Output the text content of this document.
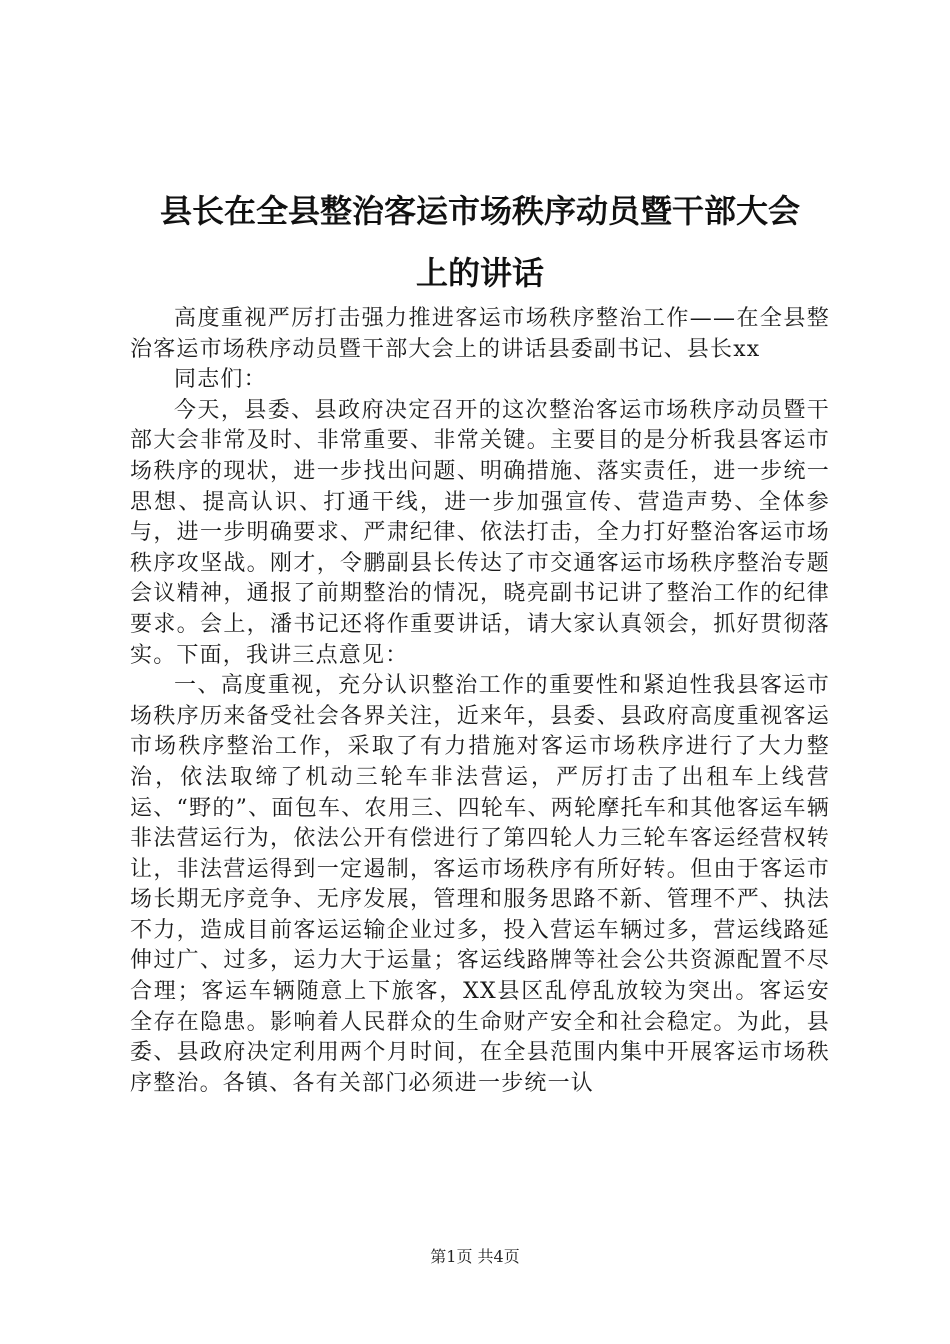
县长在全县整治客运市场秩序动员暨干部大会
上的讲话

高度重视严厉打击强力推进客运市场秩序整治工作——在全县整治客运市场秩序动员暨干部大会上的讲话县委副书记、县长xx

同志们：

今天，县委、县政府决定召开的这次整治客运市场秩序动员暨干部大会非常及时、非常重要、非常关键。主要目的是分析我县客运市场秩序的现状，进一步找出问题、明确措施、落实责任，进一步统一思想、提高认识、打通干线，进一步加强宣传、营造声势、全体参与，进一步明确要求、严肃纪律、依法打击，全力打好整治客运市场秩序攻坚战。刚才，令鹏副县长传达了市交通客运市场秩序整治专题会议精神，通报了前期整治的情况，晓亮副书记讲了整治工作的纪律要求。会上，潘书记还将作重要讲话，请大家认真领会，抓好贯彻落实。下面，我讲三点意见：

一、高度重视，充分认识整治工作的重要性和紧迫性我县客运市场秩序历来备受社会各界关注，近来年，县委、县政府高度重视客运市场秩序整治工作，采取了有力措施对客运市场秩序进行了大力整治，依法取缔了机动三轮车非法营运，严厉打击了出租车上线营运、“野的”、面包车、农用三、四轮车、两轮摩托车和其他客运车辆非法营运行为，依法公开有偿进行了第四轮人力三轮车客运经营权转让，非法营运得到一定遏制，客运市场秩序有所好转。但由于客运市场长期无序竞争、无序发展，管理和服务思路不新、管理不严、执法不力，造成目前客运运输企业过多，投入营运车辆过多，营运线路延伸过广、过多，运力大于运量；客运线路牌等社会公共资源配置不尽合理；客运车辆随意上下旅客，XX县区乱停乱放较为突出。客运安全存在隐患。影响着人民群众的生命财产安全和社会稳定。为此，县委、县政府决定利用两个月时间，在全县范围内集中开展客运市场秩序整治。各镇、各有关部门必须进一步统一认

第1页 共4页
